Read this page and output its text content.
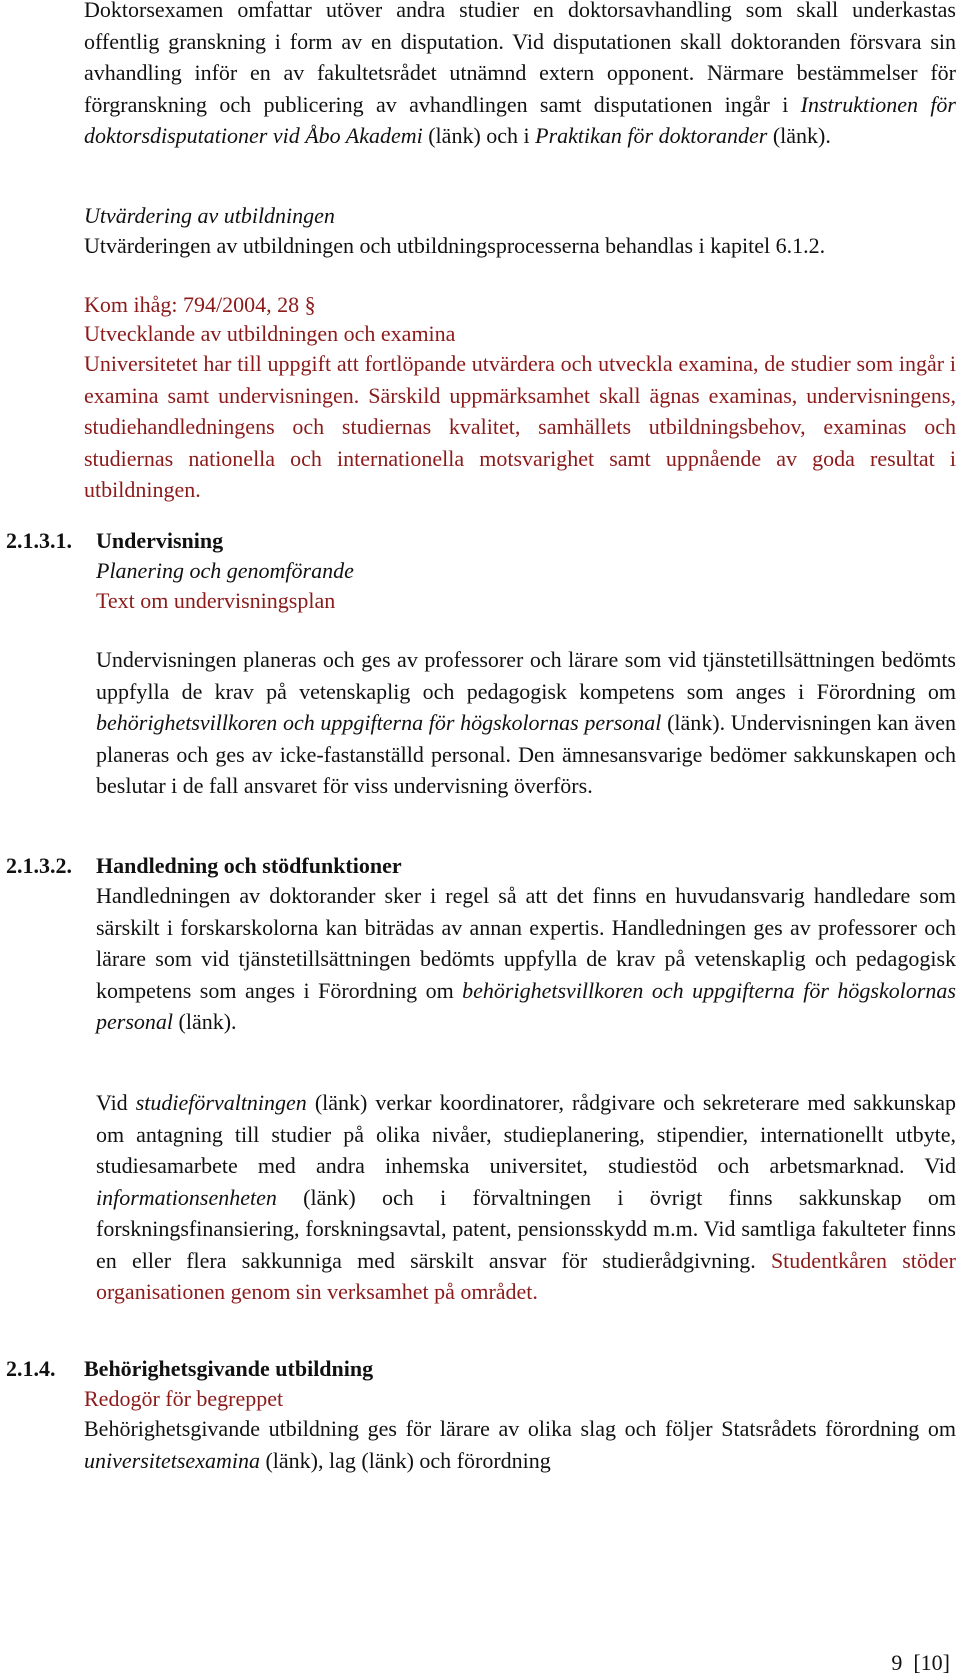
Doktorsexamen omfattar utöver andra studier en doktorsavhandling som skall underkastas offentlig granskning i form av en disputation. Vid disputationen skall doktoranden försvara sin avhandling inför en av fakultetsrådet utnämnd extern opponent. Närmare bestämmelser för förgranskning och publicering av avhandlingen samt disputationen ingår i Instruktionen för doktorsdisputationer vid Åbo Akademi (länk) och i Praktikan för doktorander (länk).

Utvärdering av utbildningen

Utvärderingen av utbildningen och utbildningsprocesserna behandlas i kapitel 6.1.2.

Kom ihåg: 794/2004, 28 §

Utvecklande av utbildningen och examina

Universitetet har till uppgift att fortlöpande utvärdera och utveckla examina, de studier som ingår i examina samt undervisningen. Särskild uppmärksamhet skall ägnas examinas, undervisningens, studiehandledningens och studiernas kvalitet, samhällets utbildningsbehov, examinas och studiernas nationella och internationella motsvarighet samt uppnående av goda resultat i utbildningen.

2.1.3.1. Undervisning

Planering och genomförande

Text om undervisningsplan

Undervisningen planeras och ges av professorer och lärare som vid tjänstetillsättningen bedömts uppfylla de krav på vetenskaplig och pedagogisk kompetens som anges i Förordning om behörighetsvillkoren och uppgifterna för högskolornas personal (länk). Undervisningen kan även planeras och ges av icke-fastanställd personal. Den ämnesansvarige bedömer sakkunskapen och beslutar i de fall ansvaret för viss undervisning överförs.

2.1.3.2. Handledning och stödfunktioner

Handledningen av doktorander sker i regel så att det finns en huvudansvarig handledare som särskilt i forskarskolorna kan biträdas av annan expertis. Handledningen ges av professorer och lärare som vid tjänstetillsättningen bedömts uppfylla de krav på vetenskaplig och pedagogisk kompetens som anges i Förordning om behörighetsvillkoren och uppgifterna för högskolornas personal (länk).

Vid studieförvaltningen (länk) verkar koordinatorer, rådgivare och sekreterare med sakkunskap om antagning till studier på olika nivåer, studieplanering, stipendier, internationellt utbyte, studiesamarbete med andra inhemska universitet, studiestöd och arbetsmarknad. Vid informationsenheten (länk) och i förvaltningen i övrigt finns sakkunskap om forskningsfinansiering, forskningsavtal, patent, pensionsskydd m.m. Vid samtliga fakulteter finns en eller flera sakkunniga med särskilt ansvar för studierådgivning. Studentkåren stöder organisationen genom sin verksamhet på området.

2.1.4. Behörighetsgivande utbildning

Redogör för begreppet

Behörighetsgivande utbildning ges för lärare av olika slag och följer Statsrådets förordning om universitetsexamina (länk), lag (länk) och förordning

9 [10]
